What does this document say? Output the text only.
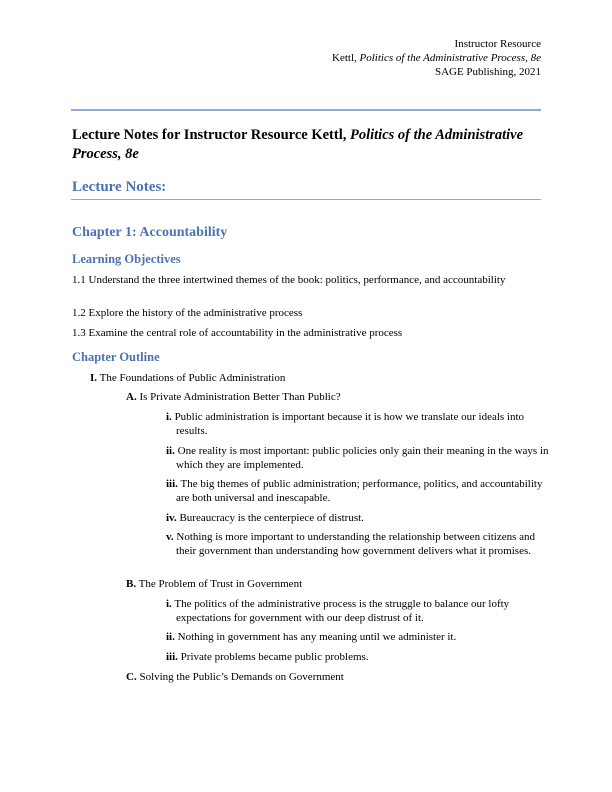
Instructor Resource
Kettl, Politics of the Administrative Process, 8e
SAGE Publishing, 2021
Lecture Notes for Instructor Resource Kettl, Politics of the Administrative Process, 8e
Lecture Notes:
Chapter 1: Accountability
Learning Objectives
1.1 Understand the three intertwined themes of the book: politics, performance, and accountability
1.2 Explore the history of the administrative process
1.3 Examine the central role of accountability in the administrative process
Chapter Outline
I. The Foundations of Public Administration
A. Is Private Administration Better Than Public?
i. Public administration is important because it is how we translate our ideals into results.
ii. One reality is most important: public policies only gain their meaning in the ways in which they are implemented.
iii. The big themes of public administration; performance, politics, and accountability are both universal and inescapable.
iv. Bureaucracy is the centerpiece of distrust.
v. Nothing is more important to understanding the relationship between citizens and their government than understanding how government delivers what it promises.
B. The Problem of Trust in Government
i. The politics of the administrative process is the struggle to balance our lofty expectations for government with our deep distrust of it.
ii. Nothing in government has any meaning until we administer it.
iii. Private problems became public problems.
C. Solving the Public’s Demands on Government
